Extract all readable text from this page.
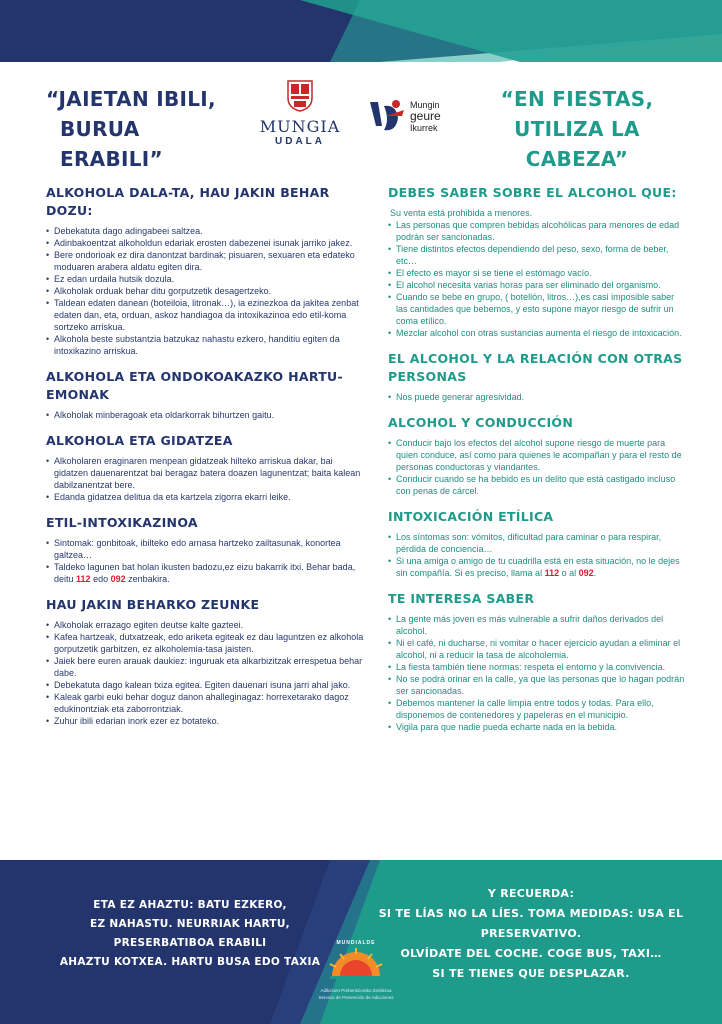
“JAIETAN IBILI,
BURUA ERABILI”
“EN FIESTAS,
UTILIZA LA CABEZA”
MUNGIA
UDALA
Mungin
geure
Ikurrek
ALKOHOLA DALA-TA, HAU JAKIN BEHAR DOZU:
• Debekatuta dago adingabeei saltzea.
• Adinbakoentzat alkoholdun edariak erosten dabezenei isunak jarriko jakez.
• Bere ondorioak ez dira danontzat bardinak; pisuaren, sexuaren eta edateko moduaren arabera aldatu egiten dira.
• Ez edan urdaila hutsik dozula.
• Alkoholak orduak behar ditu gorputzetik desagertzeko.
• Taldean edaten danean (boteiloia, litronak…), ia ezinezkoa da jakitea zenbat edaten dan, eta, orduan, askoz handiagoa da intoxikazinoa edo etil-koma sortzeko arriskua.
• Alkohola beste substantzia batzukaz nahastu ezkero, handitiu egiten da intoxikazino arriskua.
ALKOHOLA ETA ONDOKOAKAZKO HARTU-EMONAK
• Alkoholak minberagoak eta oldarkorrak bihurtzen gaitu.
ALKOHOLA ETA GIDATZEA
• Alkoholaren eraginaren menpean gidatzeak hilteko arriskua dakar, bai gidatzen dauenarentzat bai beragaz batera doazen lagunentzat; baita kalean dabilzanentzat bere.
• Edanda gidatzea delitua da eta kartzela zigorra ekarri leike.
ETIL-INTOXIKAZINOA
• Sintomak: gonbitoak, ibilteko edo arnasa hartzeko zailtasunak, konortea galtzea…
• Taldeko lagunen bat holan ikusten badozu,ez eizu bakarrik itxi. Behar bada, deitu 112 edo 092 zenbakira.
HAU JAKIN BEHARKO ZEUNKE
• Alkoholak errazago egiten deutse kalte gazteei.
• Kafea hartzeak, dutxatzeak, edo ariketa egiteak ez dau laguntzen ez alkohola gorputzetik garbitzen, ez alkoholemia-tasa jaisten.
• Jaiek bere euren arauak daukiez: inguruak eta alkarbizitzak errespetua behar dabe.
• Debekatuta dago kalean txiza egitea. Egiten dauenari isuna jarri ahal jako.
• Kaleak garbi euki behar doguz danon ahalleginagaz: horrexetarako dagoz edukinontziak eta zaborrontziak.
• Zuhur ibili edarian inork ezer ez botateko.
DEBES SABER SOBRE EL ALCOHOL QUE:
Su venta está prohibida a menores.
• Las personas que compren bebidas alcohólicas para menores de edad podrán ser sancionadas.
• Tiene distintos efectos dependiendo del peso, sexo, forma de beber, etc…
• El efecto es mayor si se tiene el estómago vacío.
• El alcohol necesita varias horas para ser eliminado del organismo.
• Cuando se bebe en grupo, ( botellón, litros…),es casi imposible saber las cantidades que bebemos, y esto supone mayor riesgo de sufrir un coma etílico.
• Mezclar alcohol con otras sustancias aumenta el riesgo de intoxicación.
EL ALCOHOL Y LA RELACIÓN CON OTRAS PERSONAS
• Nos puede generar agresividad.
ALCOHOL Y CONDUCCIÓN
• Conducir bajo los efectos del alcohol supone riesgo de muerte para quien conduce, así como para quienes le acompañan y para el resto de personas conductoras y viandantes.
• Conducir cuando se ha bebido es un delito que está castigado incluso con penas de cárcel.
INTOXICACIÓN ETÍLICA
• Los síntomas son: vómitos, dificultad para caminar o para respirar, pérdida de conciencia…
• Si una amiga o amigo de tu cuadrilla está en esta situación, no le dejes sin compañía. Si es preciso, llama al 112 o al 092.
TE INTERESA SABER
• La gente más joven es más vulnerable a sufrir daños derivados del alcohol.
• Ni el café, ni ducharse, ni vomitar o hacer ejercicio ayudan a eliminar el alcohol, ni a reducir la tasa de alcoholemia.
• La fiesta también tiene normas: respeta el entorno y la convivencia.
• No se podrá orinar en la calle, ya que las personas que lo hagan podrán ser sancionadas.
• Debemos mantener la calle limpia entre todos y todas. Para ello, disponemos de contenedores y papeleras en el municipio.
• Vigila para que nadie pueda echarte nada en la bebida.
ETA EZ AHAZTU: BATU EZKERO,
EZ NAHASTU. NEURRIAK HARTU, PRESERBATIBOA ERABILI
AHAZTU KOTXEA. HARTU BUSA EDO TAXIA
Y RECUERDA:
SI TE LÍAS NO LA LÍES. TOMA MEDIDAS: USA EL PRESERVATIVO.
OLVÍDATE DEL COCHE. COGE BUS, TAXI…
SI TE TIENES QUE DESPLAZAR.
MUNDIALDE
Adikzioen Prebentziorako Zerbitzua
Servicio de Prevención de Adicciones
